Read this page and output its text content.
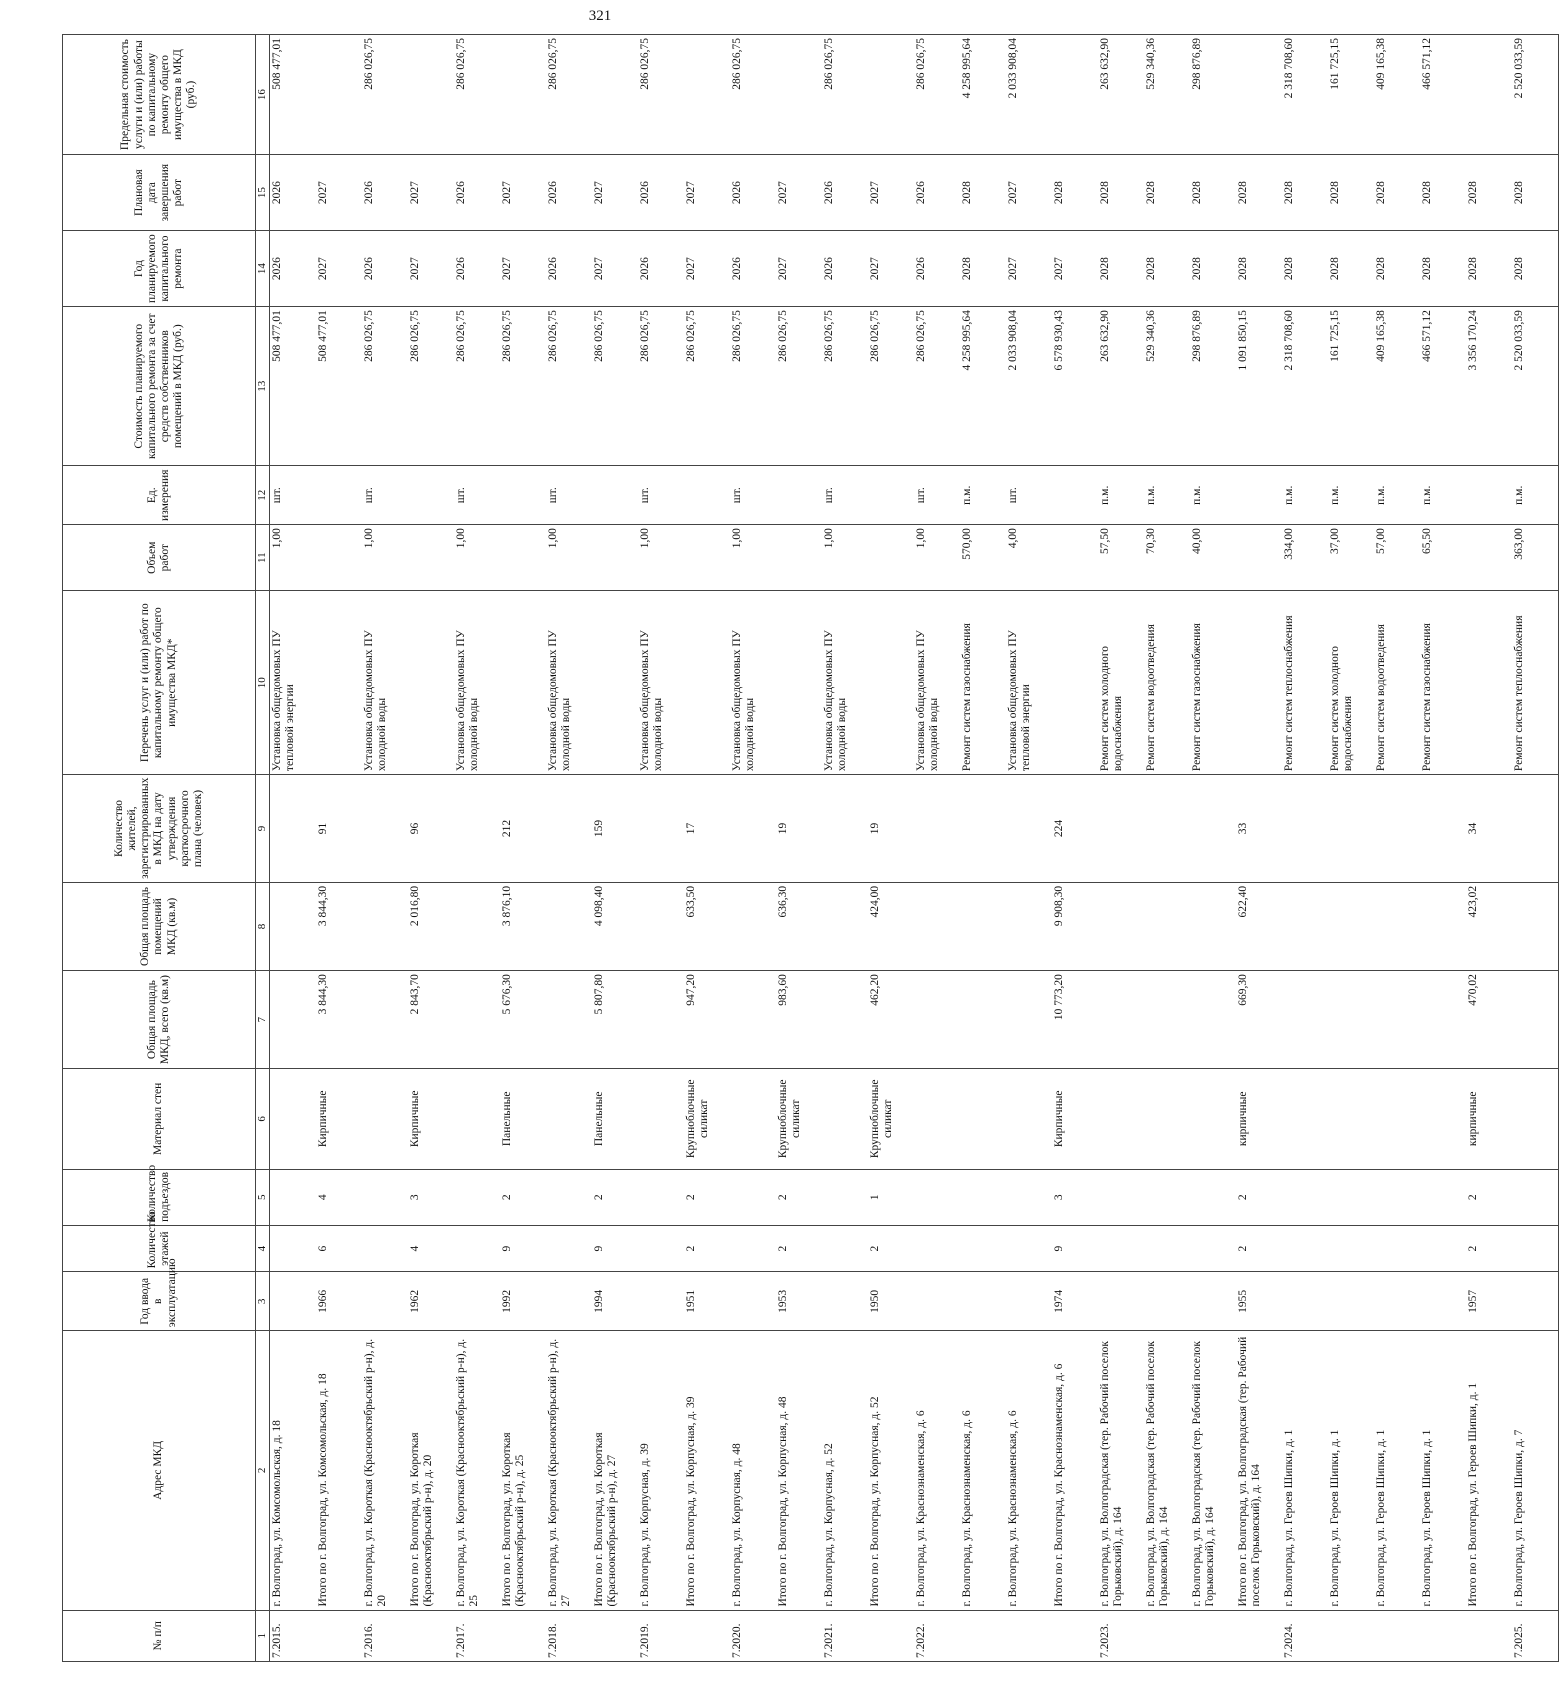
321
№ п/п	Адрес МКД	Год ввода в эксплуатацию	Количество этажей	Количество подъездов	Материал стен	Общая площадь МКД, всего (кв.м)	Общая площадь помещений МКД (кв.м)	Количество жителей, зарегистрированных в МКД на дату утверждения краткосрочного плана (человек)	Перечень услуг и (или) работ по капитальному ремонту общего имущества МКД*	Объем работ	Ед. измерения	Стоимость планируемого капитального ремонта за счет средств собственников помещений в МКД (руб.)	Год планируемого капитального ремонта	Плановая дата завершения работ	Предельная стоимость услуги и (или) работы по капитальному ремонту общего имущества в МКД (руб.)
1	2	3	4	5	6	7	8	9	10	11	12	13	14	15	16
7.2015.	г. Волгоград, ул. Комсомольская, д. 18								Установка общедомовых ПУ тепловой энергии	1,00	шт.	508 477,01	2026	2026	508 477,01
	Итого по г. Волгоград, ул. Комсомольская, д. 18	1966	6	4	Кирпичные	3 844,30	3 844,30	91				508 477,01	2027	2027	
7.2016.	г. Волгоград, ул. Короткая (Краснооктябрьский р-н), д. 20								Установка общедомовых ПУ холодной воды	1,00	шт.	286 026,75	2026	2026	286 026,75
	Итого по г. Волгоград, ул. Короткая (Краснооктябрьский р-н), д. 20	1962	4	3	Кирпичные	2 843,70	2 016,80	96				286 026,75	2027	2027	
7.2017.	г. Волгоград, ул. Короткая (Краснооктябрьский р-н), д. 25								Установка общедомовых ПУ холодной воды	1,00	шт.	286 026,75	2026	2026	286 026,75
	Итого по г. Волгоград, ул. Короткая (Краснооктябрьский р-н), д. 25	1992	9	2	Панельные	5 676,30	3 876,10	212				286 026,75	2027	2027	
7.2018.	г. Волгоград, ул. Короткая (Краснооктябрьский р-н), д. 27								Установка общедомовых ПУ холодной воды	1,00	шт.	286 026,75	2026	2026	286 026,75
	Итого по г. Волгоград, ул. Короткая (Краснооктябрьский р-н), д. 27	1994	9	2	Панельные	5 807,80	4 098,40	159				286 026,75	2027	2027	
7.2019.	г. Волгоград, ул. Корпусная, д. 39								Установка общедомовых ПУ холодной воды	1,00	шт.	286 026,75	2026	2026	286 026,75
	Итого по г. Волгоград, ул. Корпусная, д. 39	1951	2	2	Крупноблочные силикат	947,20	633,50	17				286 026,75	2027	2027	
7.2020.	г. Волгоград, ул. Корпусная, д. 48								Установка общедомовых ПУ холодной воды	1,00	шт.	286 026,75	2026	2026	286 026,75
	Итого по г. Волгоград, ул. Корпусная, д. 48	1953	2	2	Крупноблочные силикат	983,60	636,30	19				286 026,75	2027	2027	
7.2021.	г. Волгоград, ул. Корпусная, д. 52								Установка общедомовых ПУ холодной воды	1,00	шт.	286 026,75	2026	2026	286 026,75
	Итого по г. Волгоград, ул. Корпусная, д. 52	1950	2	1	Крупноблочные силикат	462,20	424,00	19				286 026,75	2027	2027	
7.2022.	г. Волгоград, ул. Краснознаменская, д. 6								Установка общедомовых ПУ холодной воды	1,00	шт.	286 026,75	2026	2026	286 026,75
	г. Волгоград, ул. Краснознаменская, д. 6								Ремонт систем газоснабжения	570,00	п.м.	4 258 995,64	2028	2028	4 258 995,64
	г. Волгоград, ул. Краснознаменская, д. 6								Установка общедомовых ПУ тепловой энергии	4,00	шт.	2 033 908,04	2027	2027	2 033 908,04
	Итого по г. Волгоград, ул. Краснознаменская, д. 6	1974	9	3	Кирпичные	10 773,20	9 908,30	224				6 578 930,43	2027	2028	
7.2023.	г. Волгоград, ул. Волгоградская (тер. Рабочий поселок Горьковский), д. 164								Ремонт систем холодного водоснабжения	57,50	п.м.	263 632,90	2028	2028	263 632,90
	г. Волгоград, ул. Волгоградская (тер. Рабочий поселок Горьковский), д. 164								Ремонт систем водоотведения	70,30	п.м.	529 340,36	2028	2028	529 340,36
	г. Волгоград, ул. Волгоградская (тер. Рабочий поселок Горьковский), д. 164								Ремонт систем газоснабжения	40,00	п.м.	298 876,89	2028	2028	298 876,89
	Итого по г. Волгоград, ул. Волгоградская (тер. Рабочий поселок Горьковский), д. 164	1955	2	2	кирпичные	669,30	622,40	33				1 091 850,15	2028	2028	
7.2024.	г. Волгоград, ул. Героев Шипки, д. 1								Ремонт систем теплоснабжения	334,00	п.м.	2 318 708,60	2028	2028	2 318 708,60
	г. Волгоград, ул. Героев Шипки, д. 1								Ремонт систем холодного водоснабжения	37,00	п.м.	161 725,15	2028	2028	161 725,15
	г. Волгоград, ул. Героев Шипки, д. 1								Ремонт систем водоотведения	57,00	п.м.	409 165,38	2028	2028	409 165,38
	г. Волгоград, ул. Героев Шипки, д. 1								Ремонт систем газоснабжения	65,50	п.м.	466 571,12	2028	2028	466 571,12
	Итого по г. Волгоград, ул. Героев Шипки, д. 1	1957	2	2	кирпичные	470,02	423,02	34				3 356 170,24	2028	2028	
7.2025.	г. Волгоград, ул. Героев Шипки, д. 7								Ремонт систем теплоснабжения	363,00	п.м.	2 520 033,59	2028	2028	2 520 033,59
